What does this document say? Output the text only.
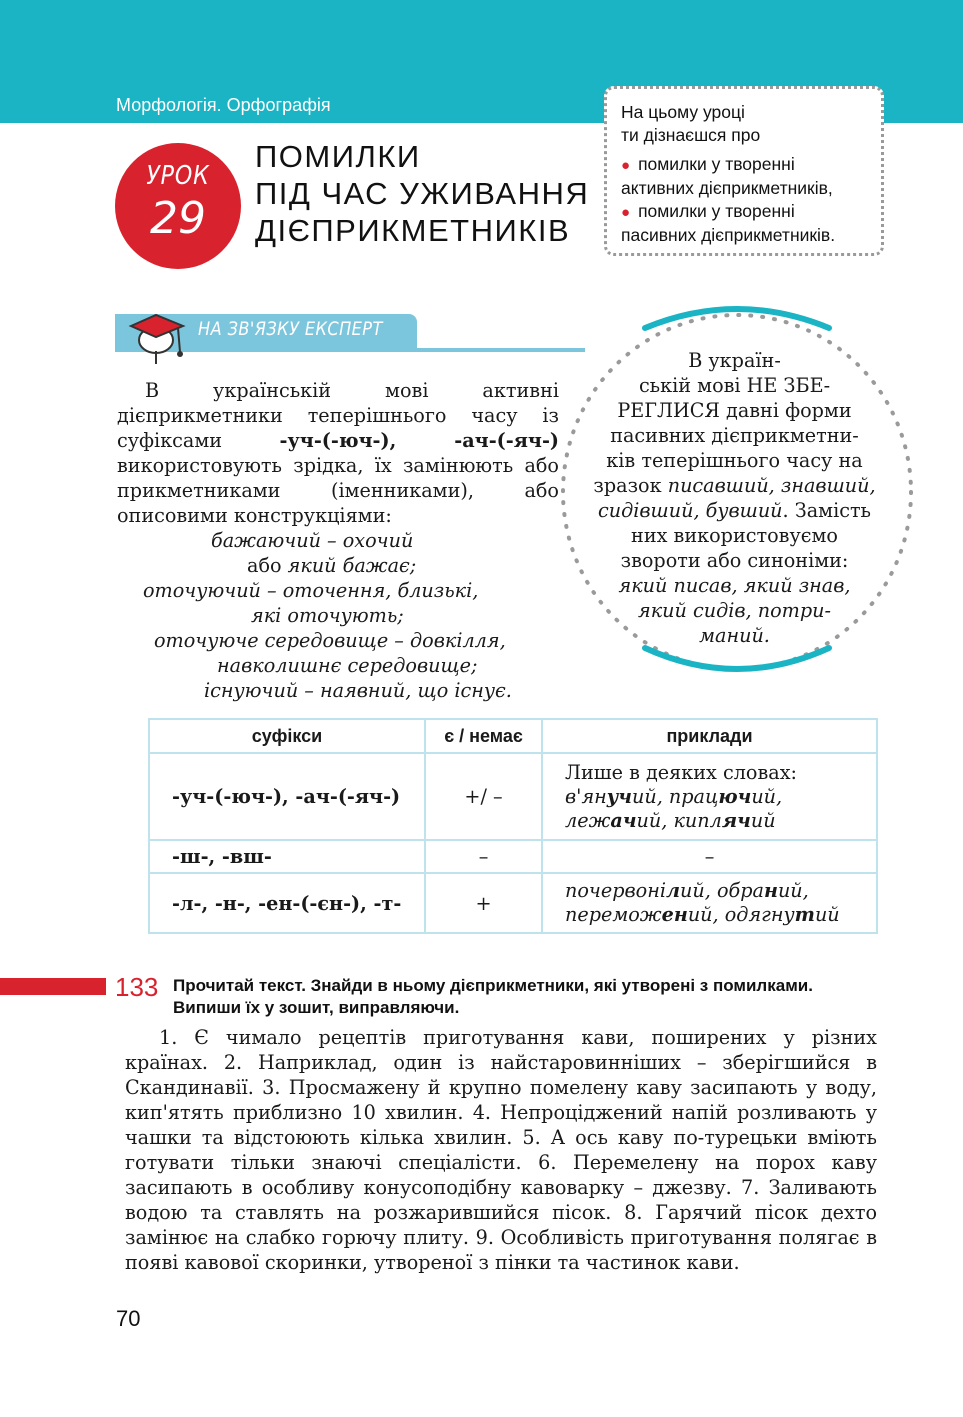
Морфологія. Орфографія
УРОК
29
ПОМИЛКИ
ПІД ЧАС УЖИВАННЯ
ДІЄПРИКМЕТНИКІВ
На цьому уроці
ти дізнаєшся про
● помилки у творенні
активних дієприкметників,
● помилки у творенні
пасивних дієприкметників.
НА ЗВ'ЯЗКУ ЕКСПЕРТ
В українській мові активні дієприкметники теперішнього часу із суфіксами	-уч-(-юч-), -ач-(-яч-) використовують зрідка, їх замінюють або прикметниками (іменниками), або описовими конструкціями:
бажаючий – охочий
або який бажає;
оточуючий – оточення, близькі,
які оточують;
оточуюче середовище – довкілля,
навколишнє середовище;
існуючий – наявний, що існує.
В україн-
ській мові НЕ ЗБЕ-
РЕГЛИСЯ давні форми
пасивних дієприкметни-
ків теперішнього часу на
зразок писавший, знавший,
сидівший, бувший. Замість
них використовуємо
звороти або синоніми:
який писав, який знав,
який сидів, потри-
маний.
суфікси	є / немає	приклади
-уч-(-юч-), -ач-(-яч-)	+/ –	Лише в деяких словах:
в'янучий, працючий,
лежачий, киплячий

-ш-, -вш-	–	–
-л-, -н-, -ен-(-єн-), -т-	+	почервонілий, обраний,
переможений, одягнутий
133 Прочитай текст. Знайди в ньому дієприкметники, які утворені з помилками. Випиши їх у зошит, виправляючи.
1. Є чимало рецептів приготування кави, поширених у різних країнах. 2. Наприклад, один із найстаровинніших – зберігшийся в Скандинавії. 3. Просмажену й крупно помелену каву засипають у воду, кип'ятять приблизно 10 хвилин. 4. Непроціджений напій розливають у чашки та відстоюють кілька хвилин. 5. А ось каву по-турецьки вміють готувати тільки знаючі спеціалісти. 6. Перемелену на порох каву засипають в особливу конусоподібну кавоварку – джезву. 7. Заливають водою та ставлять на розжарившийся пісок. 8. Гарячий пісок дехто замінює на слабко горючу плиту. 9. Особливість приготування полягає в появі кавової скоринки, утвореної з пінки та частинок кави.
70
